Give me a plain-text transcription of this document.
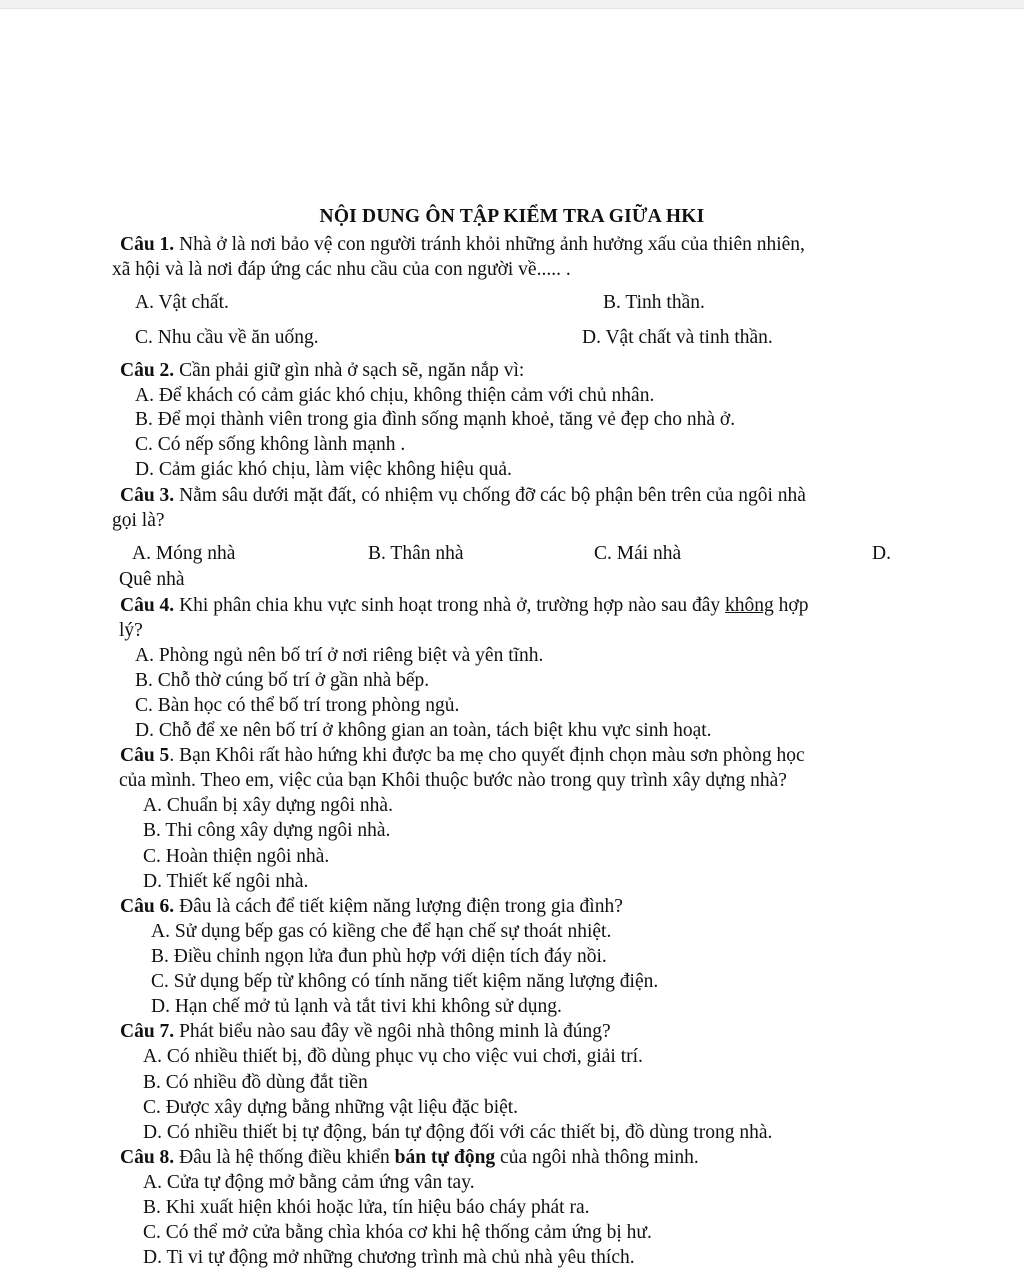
NỘI DUNG ÔN TẬP KIỂM TRA GIỮA HKI
Câu 1. Nhà ở là nơi bảo vệ con người tránh khỏi những ảnh hưởng xấu của thiên nhiên,
xã hội và là nơi đáp ứng các nhu cầu của con người về..... .
A. Vật chất.	B. Tinh thần.
C. Nhu cầu về ăn uống.	D. Vật chất và tinh thần.
Câu 2. Cần phải giữ gìn nhà ở sạch sẽ, ngăn nắp vì:
A. Để khách có cảm giác khó chịu, không thiện cảm với chủ nhân.
B. Để mọi thành viên trong gia đình sống mạnh khoẻ, tăng vẻ đẹp cho nhà ở.
C. Có nếp sống không lành mạnh .
D. Cảm giác khó chịu, làm việc không hiệu quả.
Câu 3. Nằm sâu dưới mặt đất, có nhiệm vụ chống đỡ các bộ phận bên trên của ngôi nhà
gọi là?
A. Móng nhà	B. Thân nhà	C. Mái nhà	D.
Quê nhà
Câu 4. Khi phân chia khu vực sinh hoạt trong nhà ở, trường hợp nào sau đây không hợp
lý?
A. Phòng ngủ nên bố trí ở nơi riêng biệt và yên tĩnh.
B. Chỗ thờ cúng bố trí ở gần nhà bếp.
C. Bàn học có thể bố trí trong phòng ngủ.
D. Chỗ để xe nên bố trí ở không gian an toàn, tách biệt khu vực sinh hoạt.
Câu 5. Bạn Khôi rất hào hứng khi được ba mẹ cho quyết định chọn màu sơn phòng học
của mình. Theo em, việc của bạn Khôi thuộc bước nào trong quy trình xây dựng nhà?
A. Chuẩn bị xây dựng ngôi nhà.
B. Thi công xây dựng ngôi nhà.
C. Hoàn thiện ngôi nhà.
D. Thiết kế ngôi nhà.
Câu 6. Đâu là cách để tiết kiệm năng lượng điện trong gia đình?
A. Sử dụng bếp gas có kiềng che để hạn chế sự thoát nhiệt.
B. Điều chỉnh ngọn lửa đun phù hợp với diện tích đáy nồi.
C. Sử dụng bếp từ không có tính năng tiết kiệm năng lượng điện.
D. Hạn chế mở tủ lạnh và tắt tivi khi không sử dụng.
Câu 7. Phát biểu nào sau đây về ngôi nhà thông minh là đúng?
A. Có nhiều thiết bị, đồ dùng phục vụ cho việc vui chơi, giải trí.
B. Có nhiều đồ dùng đắt tiền
C. Được xây dựng bằng những vật liệu đặc biệt.
D. Có nhiều thiết bị tự động, bán tự động đối với các thiết bị, đồ dùng trong nhà.
Câu 8. Đâu là hệ thống điều khiển bán tự động của ngôi nhà thông minh.
A. Cửa tự động mở bằng cảm ứng vân tay.
B. Khi xuất hiện khói hoặc lửa, tín hiệu báo cháy phát ra.
C. Có thể mở cửa bằng chìa khóa cơ khi hệ thống cảm ứng bị hư.
D. Ti vi tự động mở những chương trình mà chủ nhà yêu thích.
